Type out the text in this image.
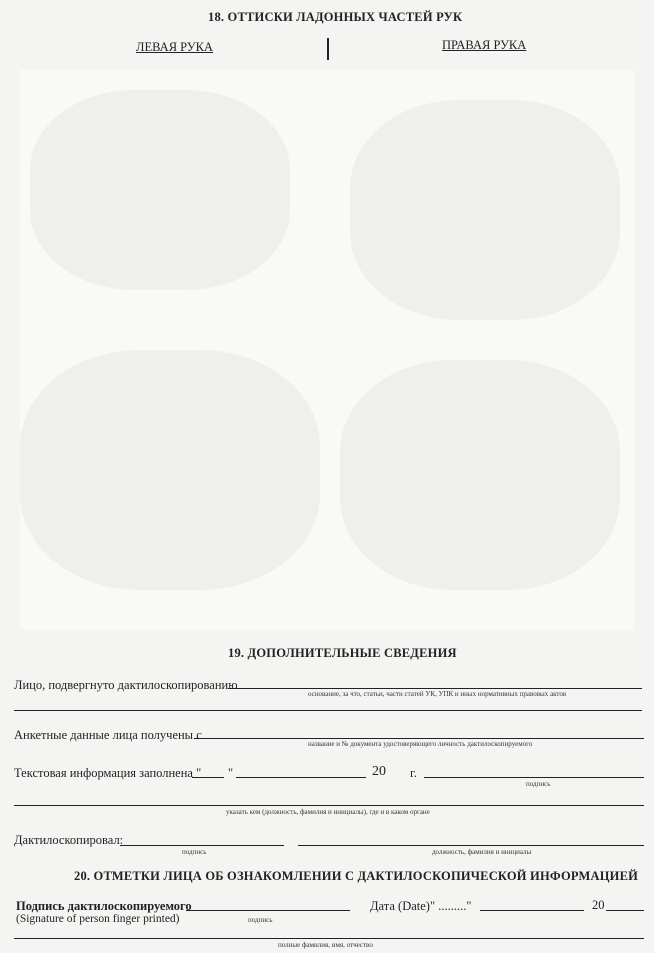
18. ОТТИСКИ ЛАДОННЫХ ЧАСТЕЙ РУК
ЛЕВАЯ РУКА	ПРАВАЯ РУКА
19. ДОПОЛНИТЕЛЬНЫЕ СВЕДЕНИЯ
Лицо, подвергнуто дактилоскопированию
основание, за что, статьи, части статей УК, УПК и иных нормативных правовых актов
Анкетные данные лица получены с
название и № документа удостоверяющего личность дактилоскопируемого
Текстовая информация заполнена " "	20 г.
подпись
указать кем (должность, фамилия и инициалы), где и в каком органе
Дактилоскопировал:
подпись	должность, фамилия и инициалы
20. ОТМЕТКИ ЛИЦА ОБ ОЗНАКОМЛЕНИИ С ДАКТИЛОСКОПИЧЕСКОЙ ИНФОРМАЦИЕЙ
Подпись дактилоскопируемого
(Signature of person finger printed)	подпись
Дата (Date) " ........."	20
полные фамилия, имя, отчество
